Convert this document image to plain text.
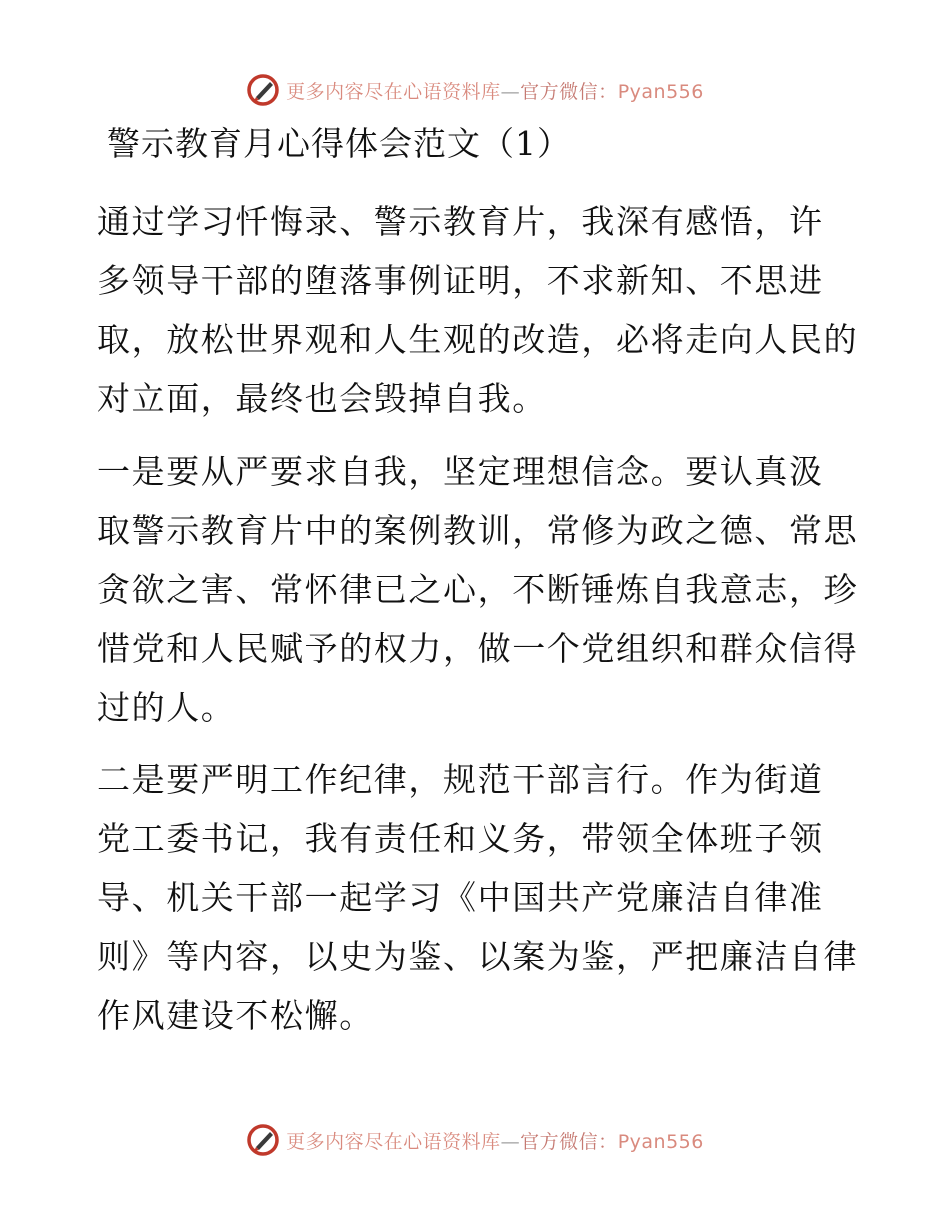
更多内容尽在心语资料库—官方微信：Pyan556
警示教育月心得体会范文（1）

通过学习忏悔录、警示教育片，我深有感悟，许
多领导干部的堕落事例证明，不求新知、不思进
取，放松世界观和人生观的改造，必将走向人民的
对立面，最终也会毁掉自我。

一是要从严要求自我，坚定理想信念。要认真汲
取警示教育片中的案例教训，常修为政之德、常思
贪欲之害、常怀律已之心，不断锤炼自我意志，珍
惜党和人民赋予的权力，做一个党组织和群众信得
过的人。

二是要严明工作纪律，规范干部言行。作为街道
党工委书记，我有责任和义务，带领全体班子领
导、机关干部一起学习《中国共产党廉洁自律准
则》等内容，以史为鉴、以案为鉴，严把廉洁自律
作风建设不松懈。

更多内容尽在心语资料库—官方微信：Pyan556
